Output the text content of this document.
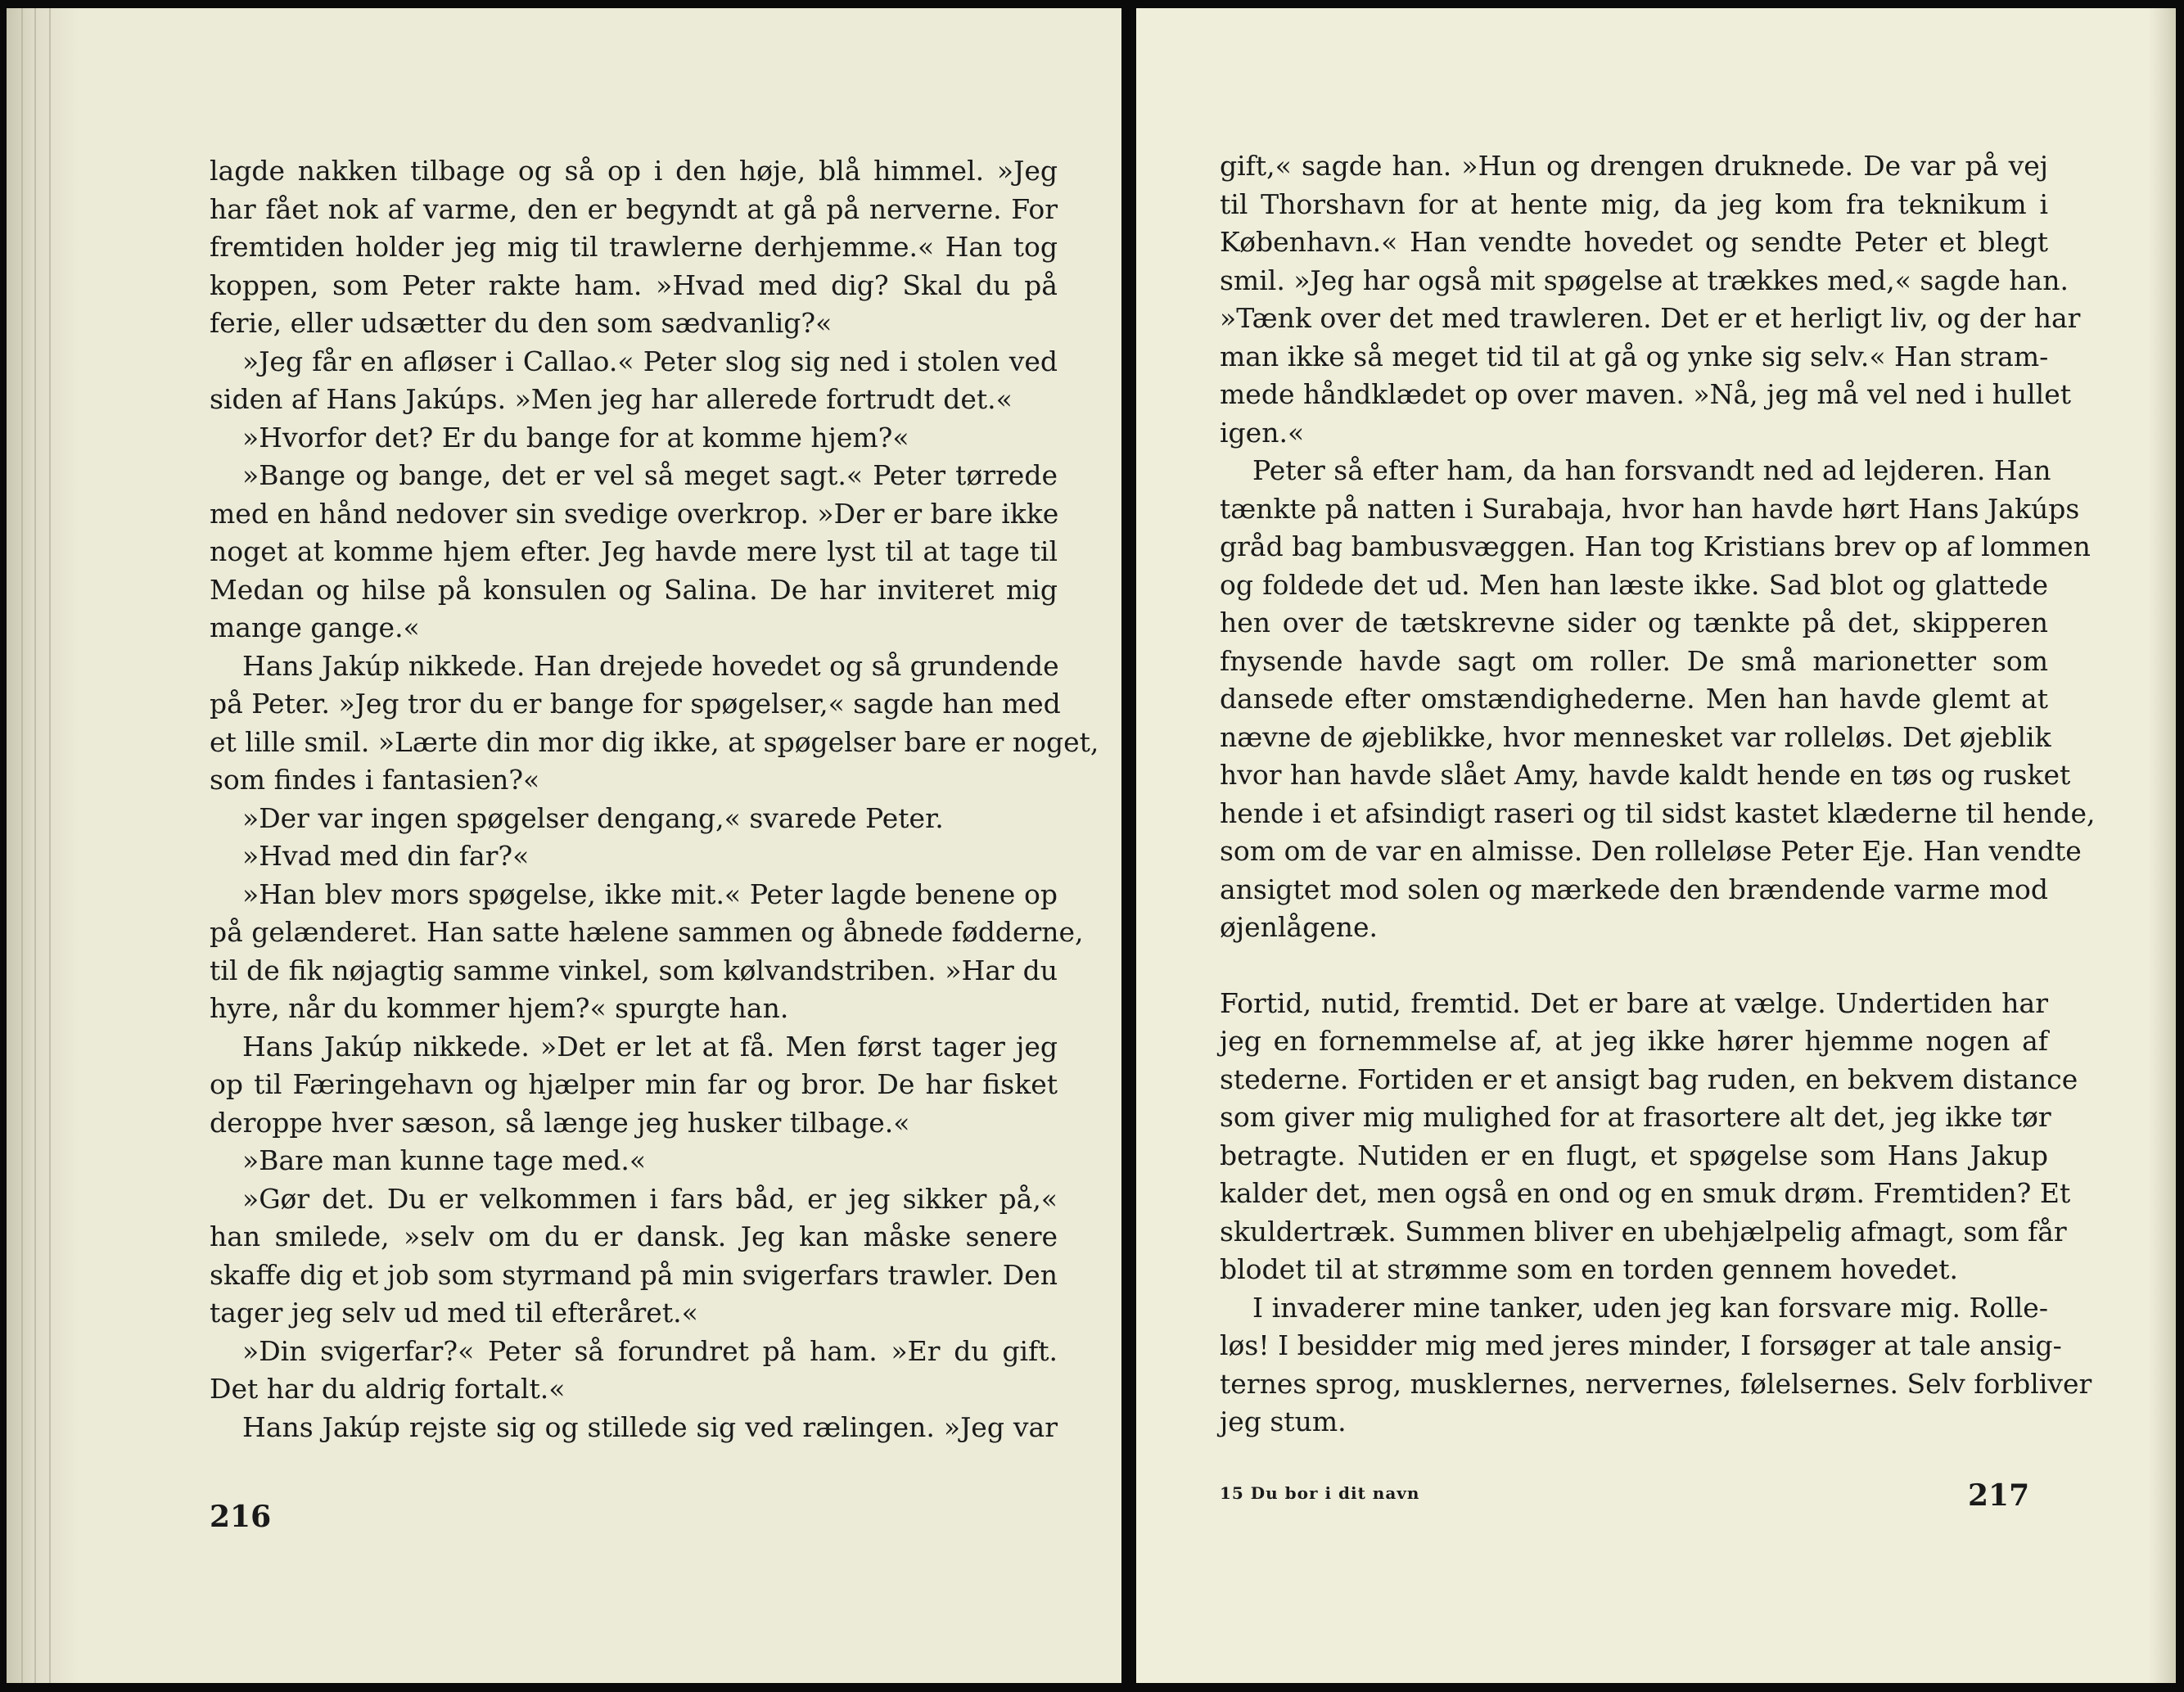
lagde nakken tilbage og så op i den høje, blå himmel. »Jeg
har fået nok af varme, den er begyndt at gå på nerverne. For
fremtiden holder jeg mig til trawlerne derhjemme.« Han tog
koppen, som Peter rakte ham. »Hvad med dig? Skal du på
ferie, eller udsætter du den som sædvanlig?«
»Jeg får en afløser i Callao.« Peter slog sig ned i stolen ved
siden af Hans Jakúps. »Men jeg har allerede fortrudt det.«
»Hvorfor det? Er du bange for at komme hjem?«
»Bange og bange, det er vel så meget sagt.« Peter tørrede
med en hånd nedover sin svedige overkrop. »Der er bare ikke
noget at komme hjem efter. Jeg havde mere lyst til at tage til
Medan og hilse på konsulen og Salina. De har inviteret mig
mange gange.«
Hans Jakúp nikkede. Han drejede hovedet og så grundende
på Peter. »Jeg tror du er bange for spøgelser,« sagde han med
et lille smil. »Lærte din mor dig ikke, at spøgelser bare er noget,
som findes i fantasien?«
»Der var ingen spøgelser dengang,« svarede Peter.
»Hvad med din far?«
»Han blev mors spøgelse, ikke mit.« Peter lagde benene op
på gelænderet. Han satte hælene sammen og åbnede fødderne,
til de fik nøjagtig samme vinkel, som kølvandstriben. »Har du
hyre, når du kommer hjem?« spurgte han.
Hans Jakúp nikkede. »Det er let at få. Men først tager jeg
op til Færingehavn og hjælper min far og bror. De har fisket
deroppe hver sæson, så længe jeg husker tilbage.«
»Bare man kunne tage med.«
»Gør det. Du er velkommen i fars båd, er jeg sikker på,«
han smilede, »selv om du er dansk. Jeg kan måske senere
skaffe dig et job som styrmand på min svigerfars trawler. Den
tager jeg selv ud med til efteråret.«
»Din svigerfar?« Peter så forundret på ham. »Er du gift.
Det har du aldrig fortalt.«
Hans Jakúp rejste sig og stillede sig ved rælingen. »Jeg var
216
gift,« sagde han. »Hun og drengen druknede. De var på vej
til Thorshavn for at hente mig, da jeg kom fra teknikum i
København.« Han vendte hovedet og sendte Peter et blegt
smil. »Jeg har også mit spøgelse at trækkes med,« sagde han.
»Tænk over det med trawleren. Det er et herligt liv, og der har
man ikke så meget tid til at gå og ynke sig selv.« Han stram-
mede håndklædet op over maven. »Nå, jeg må vel ned i hullet
igen.«
Peter så efter ham, da han forsvandt ned ad lejderen. Han
tænkte på natten i Surabaja, hvor han havde hørt Hans Jakúps
gråd bag bambusvæggen. Han tog Kristians brev op af lommen
og foldede det ud. Men han læste ikke. Sad blot og glattede
hen over de tætskrevne sider og tænkte på det, skipperen
fnysende havde sagt om roller. De små marionetter som
dansede efter omstændighederne. Men han havde glemt at
nævne de øjeblikke, hvor mennesket var rolleløs. Det øjeblik
hvor han havde slået Amy, havde kaldt hende en tøs og rusket
hende i et afsindigt raseri og til sidst kastet klæderne til hende,
som om de var en almisse. Den rolleløse Peter Eje. Han vendte
ansigtet mod solen og mærkede den brændende varme mod
øjenlågene.
Fortid, nutid, fremtid. Det er bare at vælge. Undertiden har
jeg en fornemmelse af, at jeg ikke hører hjemme nogen af
stederne. Fortiden er et ansigt bag ruden, en bekvem distance
som giver mig mulighed for at frasortere alt det, jeg ikke tør
betragte. Nutiden er en flugt, et spøgelse som Hans Jakup
kalder det, men også en ond og en smuk drøm. Fremtiden? Et
skuldertræk. Summen bliver en ubehjælpelig afmagt, som får
blodet til at strømme som en torden gennem hovedet.
I invaderer mine tanker, uden jeg kan forsvare mig. Rolle-
løs! I besidder mig med jeres minder, I forsøger at tale ansig-
ternes sprog, musklernes, nervernes, følelsernes. Selv forbliver
jeg stum.
15 Du bor i dit navn	217
